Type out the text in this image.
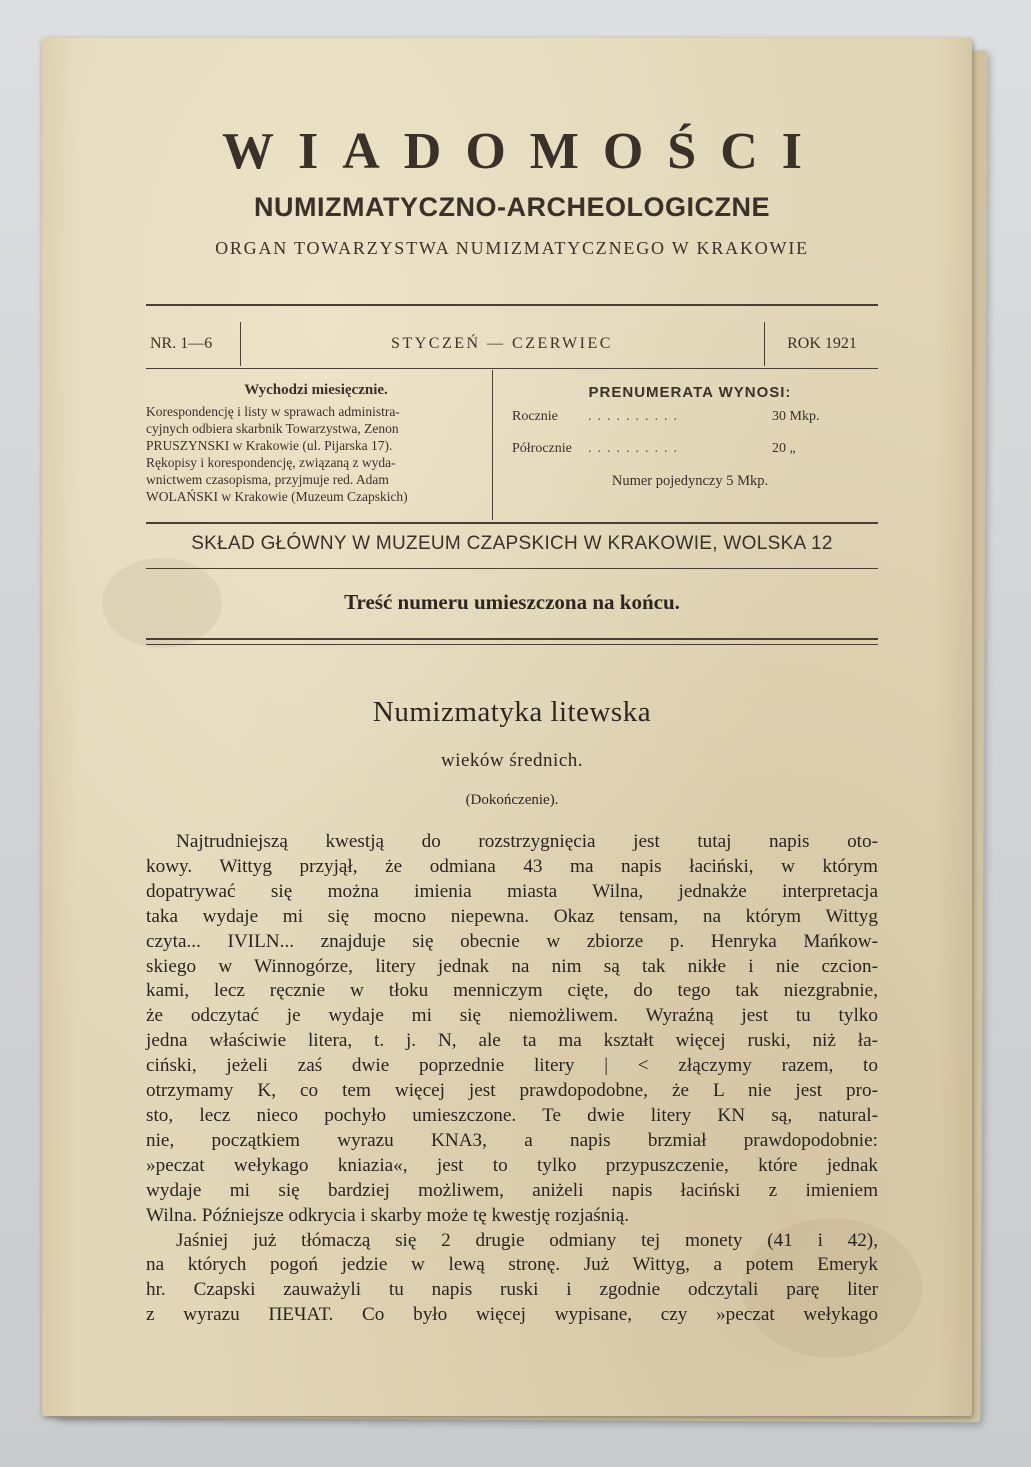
WIADOMOŚCI
NUMIZMATYCZNO-ARCHEOLOGICZNE
ORGAN TOWARZYSTWA NUMIZMATYCZNEGO W KRAKOWIE
NR. 1—6	STYCZEŃ — CZERWIEC	ROK 1921
Wychodzi miesięcznie.

Korespondencję i listy w sprawach administra-

cyjnych odbiera skarbnik Towarzystwa, Zenon

PRUSZYNSKI w Krakowie (ul. Pijarska 17).

Rękopisy i korespondencję, związaną z wyda-

wnictwem czasopisma, przyjmuje red. Adam

WOLAŃSKI w Krakowie (Muzeum Czapskich)

PRENUMERATA WYNOSI:
Rocznie ..........	30 Mkp.
Półrocznie ..........	20 „
Numer pojedynczy 5 Mkp.
SKŁAD GŁÓWNY W MUZEUM CZAPSKICH W KRAKOWIE, WOLSKA 12
Treść numeru umieszczona na końcu.
Numizmatyka litewska
wieków średnich.
(Dokończenie).

Najtrudniejszą kwestją do rozstrzygnięcia jest tutaj napis oto-

kowy. Wittyg przyjął, że odmiana 43 ma napis łaciński, w którym

dopatrywać się można imienia miasta Wilna, jednakże interpretacja

taka wydaje mi się mocno niepewna. Okaz tensam, na którym Wittyg

czyta... IVILN... znajduje się obecnie w zbiorze p. Henryka Mańkow-

skiego w Winnogórze, litery jednak na nim są tak nikłe i nie czcion-

kami, lecz ręcznie w tłoku menniczym cięte, do tego tak niezgrabnie,

że odczytać je wydaje mi się niemożliwem. Wyraźną jest tu tylko

jedna właściwie litera, t. j. N, ale ta ma kształt więcej ruski, niż ła-

ciński, jeżeli zaś dwie poprzednie litery | < złączymy razem, to

otrzymamy K, co tem więcej jest prawdopodobne, że L nie jest pro-

sto, lecz nieco pochyło umieszczone. Te dwie litery KN są, natural-

nie, początkiem wyrazu KNAЗ, a napis brzmiał prawdopodobnie:

»peczat wełykago kniazia«, jest to tylko przypuszczenie, które jednak

wydaje mi się bardziej możliwem, aniżeli napis łaciński z imieniem

Wilna. Późniejsze odkrycia i skarby może tę kwestję rozjaśnią.

Jaśniej już tłómaczą się 2 drugie odmiany tej monety (41 i 42),

na których pogoń jedzie w lewą stronę. Już Wittyg, a potem Emeryk

hr. Czapski zauważyli tu napis ruski i zgodnie odczytali parę liter

z wyrazu ПЕЧАТ. Co było więcej wypisane, czy »peczat wełykago
